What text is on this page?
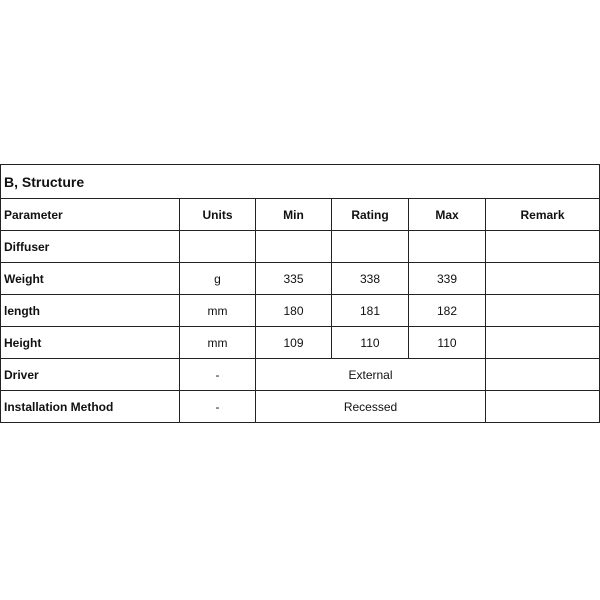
B, Structure					
Parameter	Units	Min	Rating	Max	Remark
Diffuser					
Weight	g	335	338	339	
length	mm	180	181	182	
Height	mm	109	110	110	
Driver	-	External			
Installation Method	-	Recessed			
